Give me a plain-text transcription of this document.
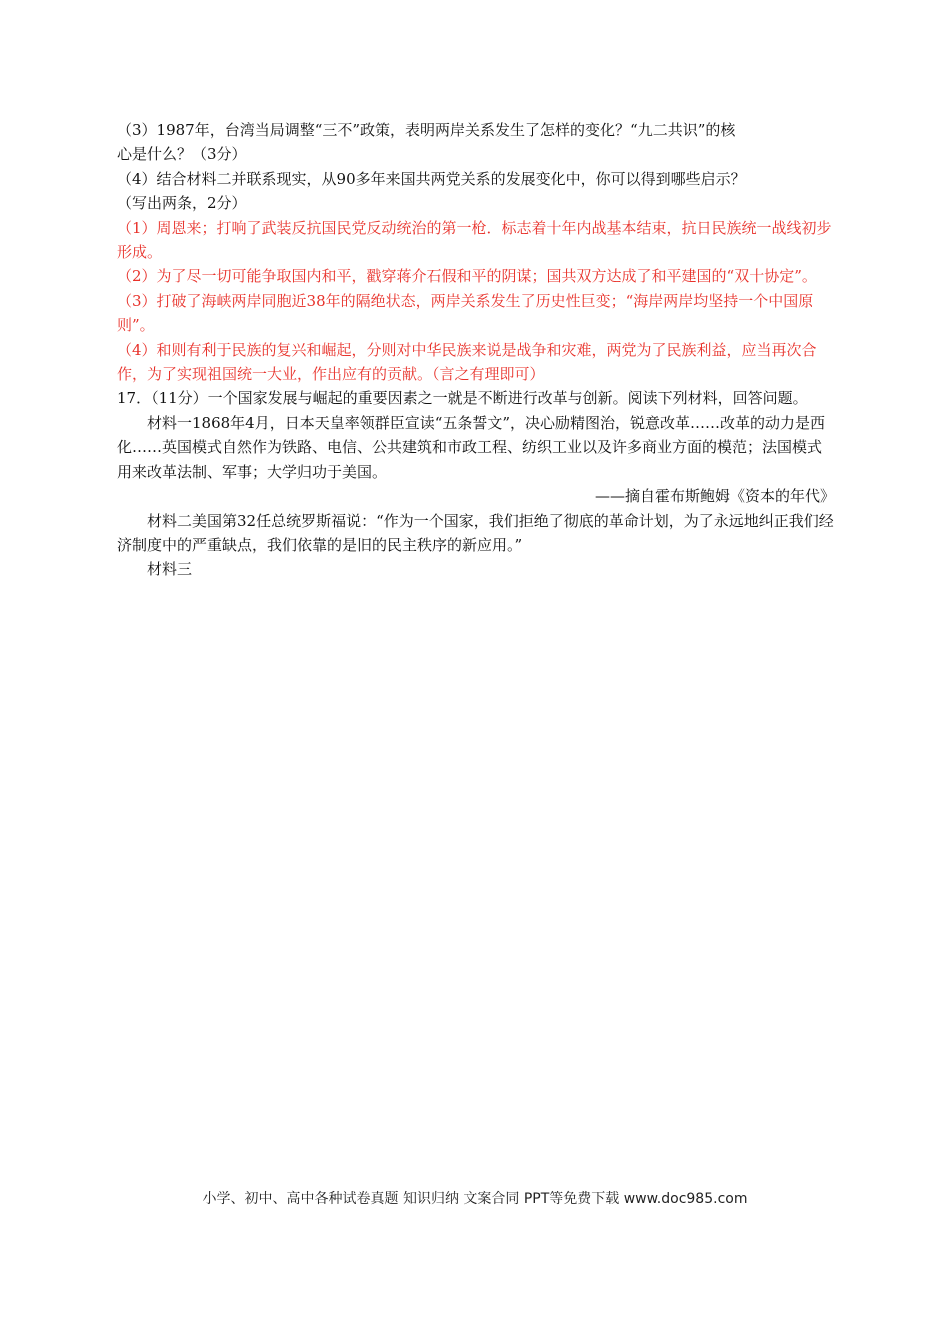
（3）1987年，台湾当局调整“三不”政策，表明两岸关系发生了怎样的变化？“九二共识”的核
心是什么？（3分）
（4）结合材料二并联系现实，从90多年来国共两党关系的发展变化中，你可以得到哪些启示？
（写出两条，2分）
（1）周恩来；打响了武装反抗国民党反动统治的第一枪．标志着十年内战基本结束，抗日民族统一战线初步形成。
（2）为了尽一切可能争取国内和平，戳穿蒋介石假和平的阴谋；国共双方达成了和平建国的“双十协定”。
（3）打破了海峡两岸同胞近38年的隔绝状态，两岸关系发生了历史性巨变；“海岸两岸均坚持一个中国原则”。
（4）和则有利于民族的复兴和崛起，分则对中华民族来说是战争和灾难，两党为了民族利益，应当再次合作，为了实现祖国统一大业，作出应有的贡献。（言之有理即可）
17．（11分）一个国家发展与崛起的重要因素之一就是不断进行改革与创新。阅读下列材料，回答问题。
材料一1868年4月，日本天皇率领群臣宣读“五条誓文”，决心励精图治，锐意改革……改革的动力是西化……英国模式自然作为铁路、电信、公共建筑和市政工程、纺织工业以及许多商业方面的模范；法国模式用来改革法制、军事；大学归功于美国。
——摘自霍布斯鲍姆《资本的年代》
材料二美国第32任总统罗斯福说：“作为一个国家，我们拒绝了彻底的革命计划，为了永远地纠正我们经济制度中的严重缺点，我们依靠的是旧的民主秩序的新应用。”
材料三
小学、初中、高中各种试卷真题 知识归纳 文案合同 PPT等免费下载 www.doc985.com
